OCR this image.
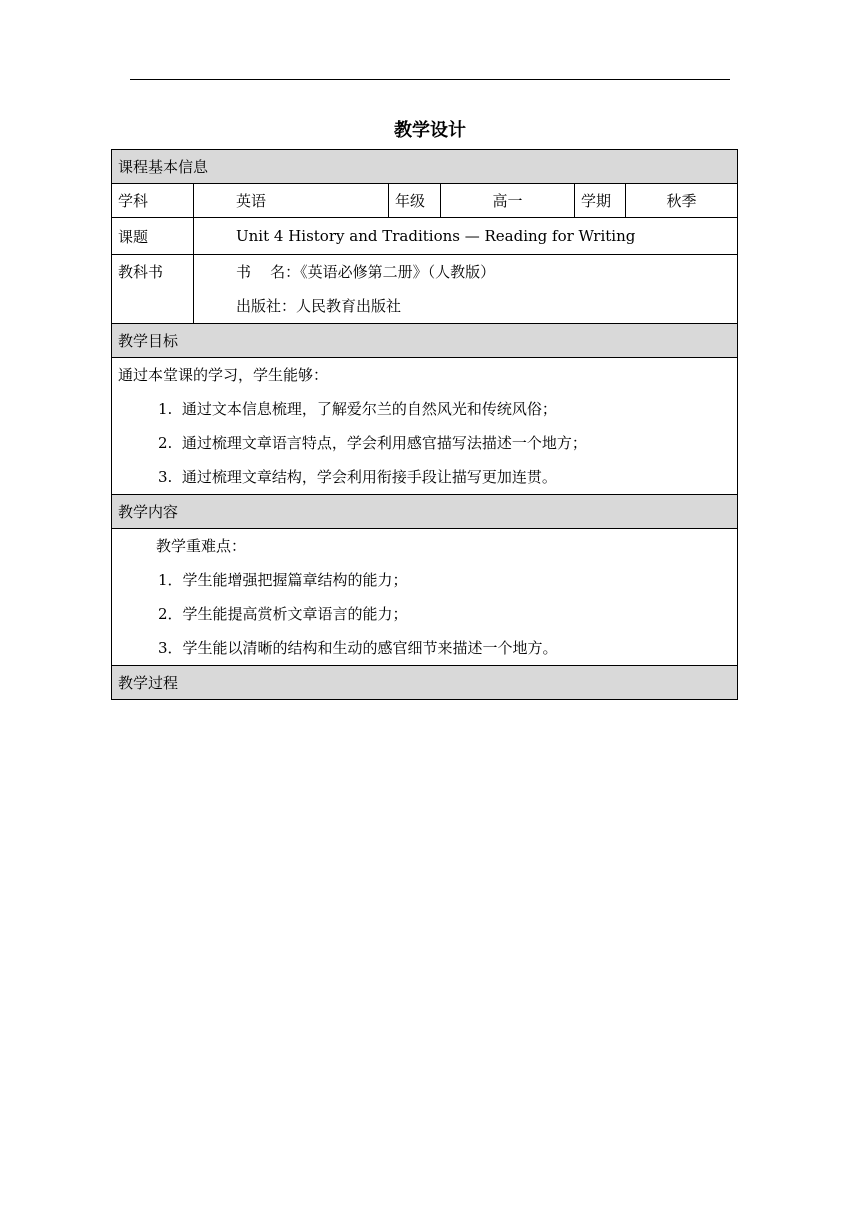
教学设计
课程基本信息					
学科	英语	年级	高一	学期	秋季
课题	Unit 4 History and Traditions — Reading for Writing				
教科书	书    名：《英语必修第二册》（人教版）
出版社：人民教育出版社				

教学目标					

通过本堂课的学习，学生能够：
1.  通过文本信息梳理，了解爱尔兰的自然风光和传统风俗；
2.  通过梳理文章语言特点，学会利用感官描写法描述一个地方；
3.  通过梳理文章结构，学会利用衔接手段让描写更加连贯。					

教学内容					

教学重难点：
1．学生能增强把握篇章结构的能力；
2．学生能提高赏析文章语言的能力；
3．学生能以清晰的结构和生动的感官细节来描述一个地方。					

教学过程					
